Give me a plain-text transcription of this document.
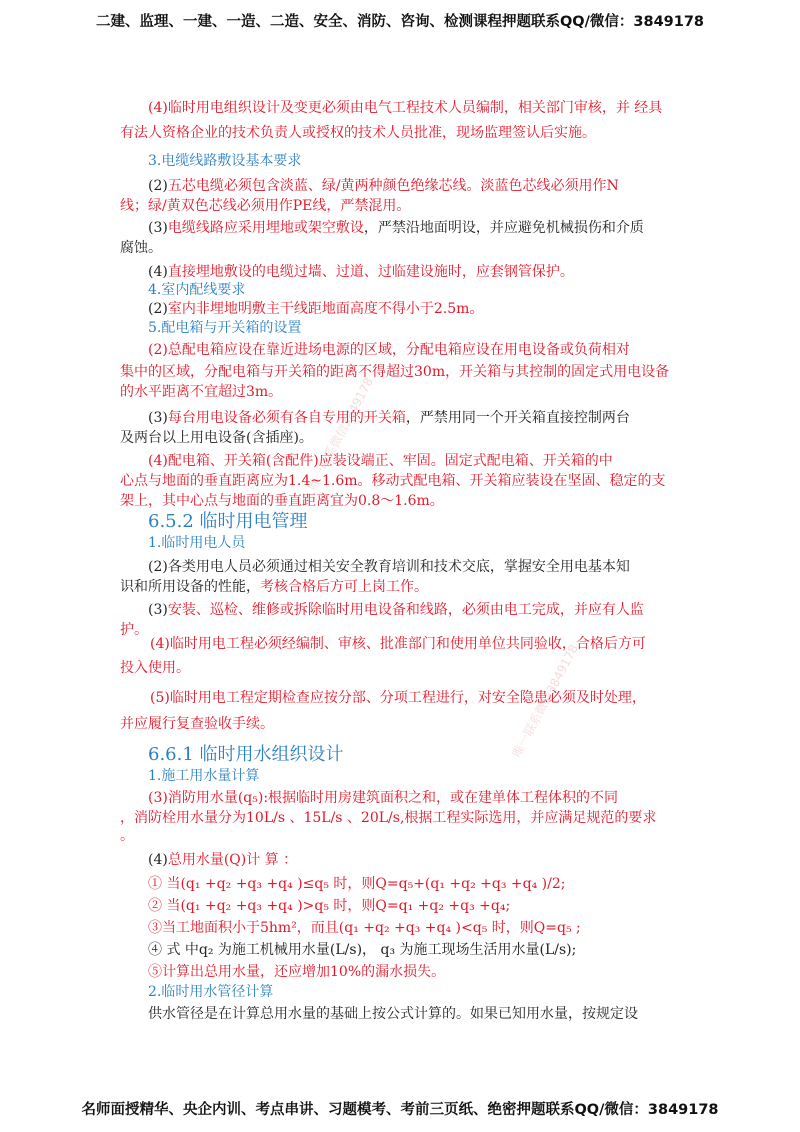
二建、监理、一建、一造、二造、安全、消防、咨询、检测课程押题联系QQ/微信：3849178
唯一联系微信3849178
唯一联系微信3849178
(4)临时用电组织设计及变更必须由电气工程技术人员编制，相关部门审核，并 经具
有法人资格企业的技术负责人或授权的技术人员批准，现场监理签认后实施。
3.电缆线路敷设基本要求
(2)五芯电缆必须包含淡蓝、绿/黄两种颜色绝缘芯线。淡蓝色芯线必须用作N
线；绿/黄双色芯线必须用作PE线，严禁混用。
(3)电缆线路应采用埋地或架空敷设，严禁沿地面明设，并应避免机械损伤和介质
腐蚀。
(4)直接埋地敷设的电缆过墙、过道、过临建设施时，应套钢管保护。
4.室内配线要求
(2)室内非埋地明敷主干线距地面高度不得小于2.5m。
5.配电箱与开关箱的设置
(2)总配电箱应设在靠近进场电源的区域，分配电箱应设在用电设备或负荷相对
集中的区域，分配电箱与开关箱的距离不得超过30m，开关箱与其控制的固定式用电设备
的水平距离不宜超过3m。
(3)每台用电设备必须有各自专用的开关箱，严禁用同一个开关箱直接控制两台
及两台以上用电设备(含插座)。
(4)配电箱、开关箱(含配件)应装设端正、牢固。固定式配电箱、开关箱的中
心点与地面的垂直距离应为1.4~1.6m。移动式配电箱、开关箱应装设在坚固、稳定的支
架上，其中心点与地面的垂直距离宜为0.8～1.6m。
6.5.2 临时用电管理
1.临时用电人员
(2)各类用电人员必须通过相关安全教育培训和技术交底，掌握安全用电基本知
识和所用设备的性能，考核合格后方可上岗工作。
(3)安装、巡检、维修或拆除临时用电设备和线路，必须由电工完成，并应有人监
护。
(4)临时用电工程必须经编制、审核、批准部门和使用单位共同验收，合格后方可
投入使用。
(5)临时用电工程定期检查应按分部、分项工程进行，对安全隐患必须及时处理，
并应履行复查验收手续。
6.6.1 临时用水组织设计
1.施工用水量计算
(3)消防用水量(q₅):根据临时用房建筑面积之和，或在建单体工程体积的不同
，消防栓用水量分为10L/s 、15L/s 、20L/s,根据工程实际选用，并应满足规范的要求
。
(4)总用水量(Q)计 算 ：
① 当(q₁ +q₂ +q₃ +q₄ )≤q₅ 时，则Q=q₅+(q₁ +q₂ +q₃ +q₄ )/2;
② 当(q₁ +q₂ +q₃ +q₄ )>q₅ 时，则Q=q₁ +q₂ +q₃ +q₄;
③当工地面积小于5hm²，而且(q₁ +q₂ +q₃ +q₄ )<q₅ 时，则Q=q₅ ;
④ 式 中q₂ 为施工机械用水量(L/s)， q₃ 为施工现场生活用水量(L/s);
⑤计算出总用水量，还应增加10%的漏水损失。
2.临时用水管径计算
供水管径是在计算总用水量的基础上按公式计算的。如果已知用水量，按规定设
名师面授精华、央企内训、考点串讲、习题模考、考前三页纸、绝密押题联系QQ/微信：3849178
